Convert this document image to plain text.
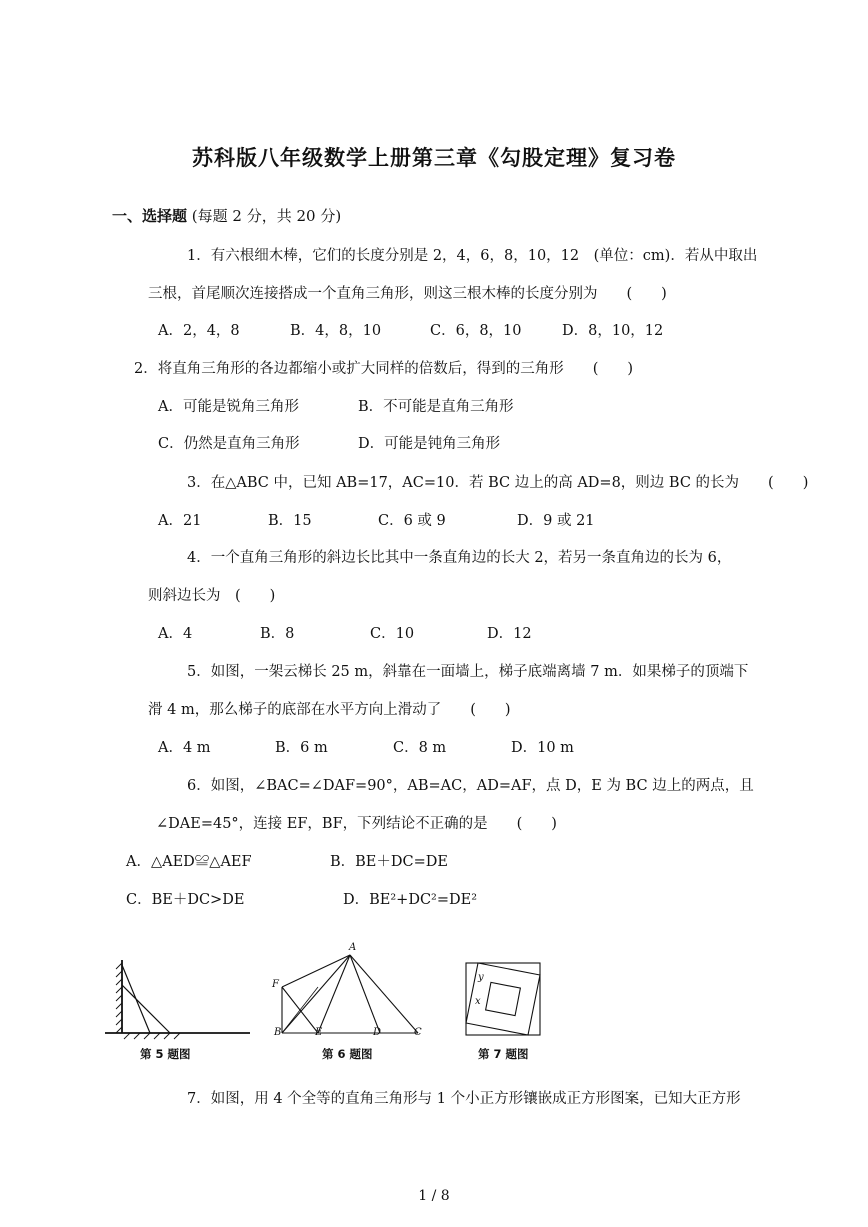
苏科版八年级数学上册第三章《勾股定理》复习卷
一、选择题 (每题 2 分，共 20 分)
1．有六根细木棒，它们的长度分别是 2，4，6，8，10，12　(单位：cm)．若从中取出
三根，首尾顺次连接搭成一个直角三角形，则这三根木棒的长度分别为　　(　　)
A．2，4，8	B．4，8，10	C．6，8，10	D．8，10，12
2．将直角三角形的各边都缩小或扩大同样的倍数后，得到的三角形　　(　　)
A．可能是锐角三角形	B．不可能是直角三角形
C．仍然是直角三角形	D．可能是钝角三角形
3．在△ABC 中，已知 AB=17，AC=10．若 BC 边上的高 AD=8，则边 BC 的长为　　(　　)
A．21	B．15	C．6 或 9	D．9 或 21
4．一个直角三角形的斜边长比其中一条直角边的长大 2，若另一条直角边的长为 6，
则斜边长为　(　　)
A．4	B．8	C．10	D．12
5．如图，一架云梯长 25 m，斜靠在一面墙上，梯子底端离墙 7 m．如果梯子的顶端下
滑 4 m，那么梯子的底部在水平方向上滑动了　　(　　)
A．4 m	B．6 m	C．8 m	D．10 m
6．如图，∠BAC=∠DAF=90°，AB=AC，AD=AF，点 D，E 为 BC 边上的两点，且
∠DAE=45°，连接 EF，BF，下列结论不正确的是　　(　　)
A．△AED≌△AEF	B．BE＋DC=DE
C．BE＋DC>DE	D．BE²+DC²=DE²
A
F
B	E	D	C
y
x
第 5 题图	第 6 题图	第 7 题图
7．如图，用 4 个全等的直角三角形与 1 个小正方形镶嵌成正方形图案，已知大正方形
1 / 8
